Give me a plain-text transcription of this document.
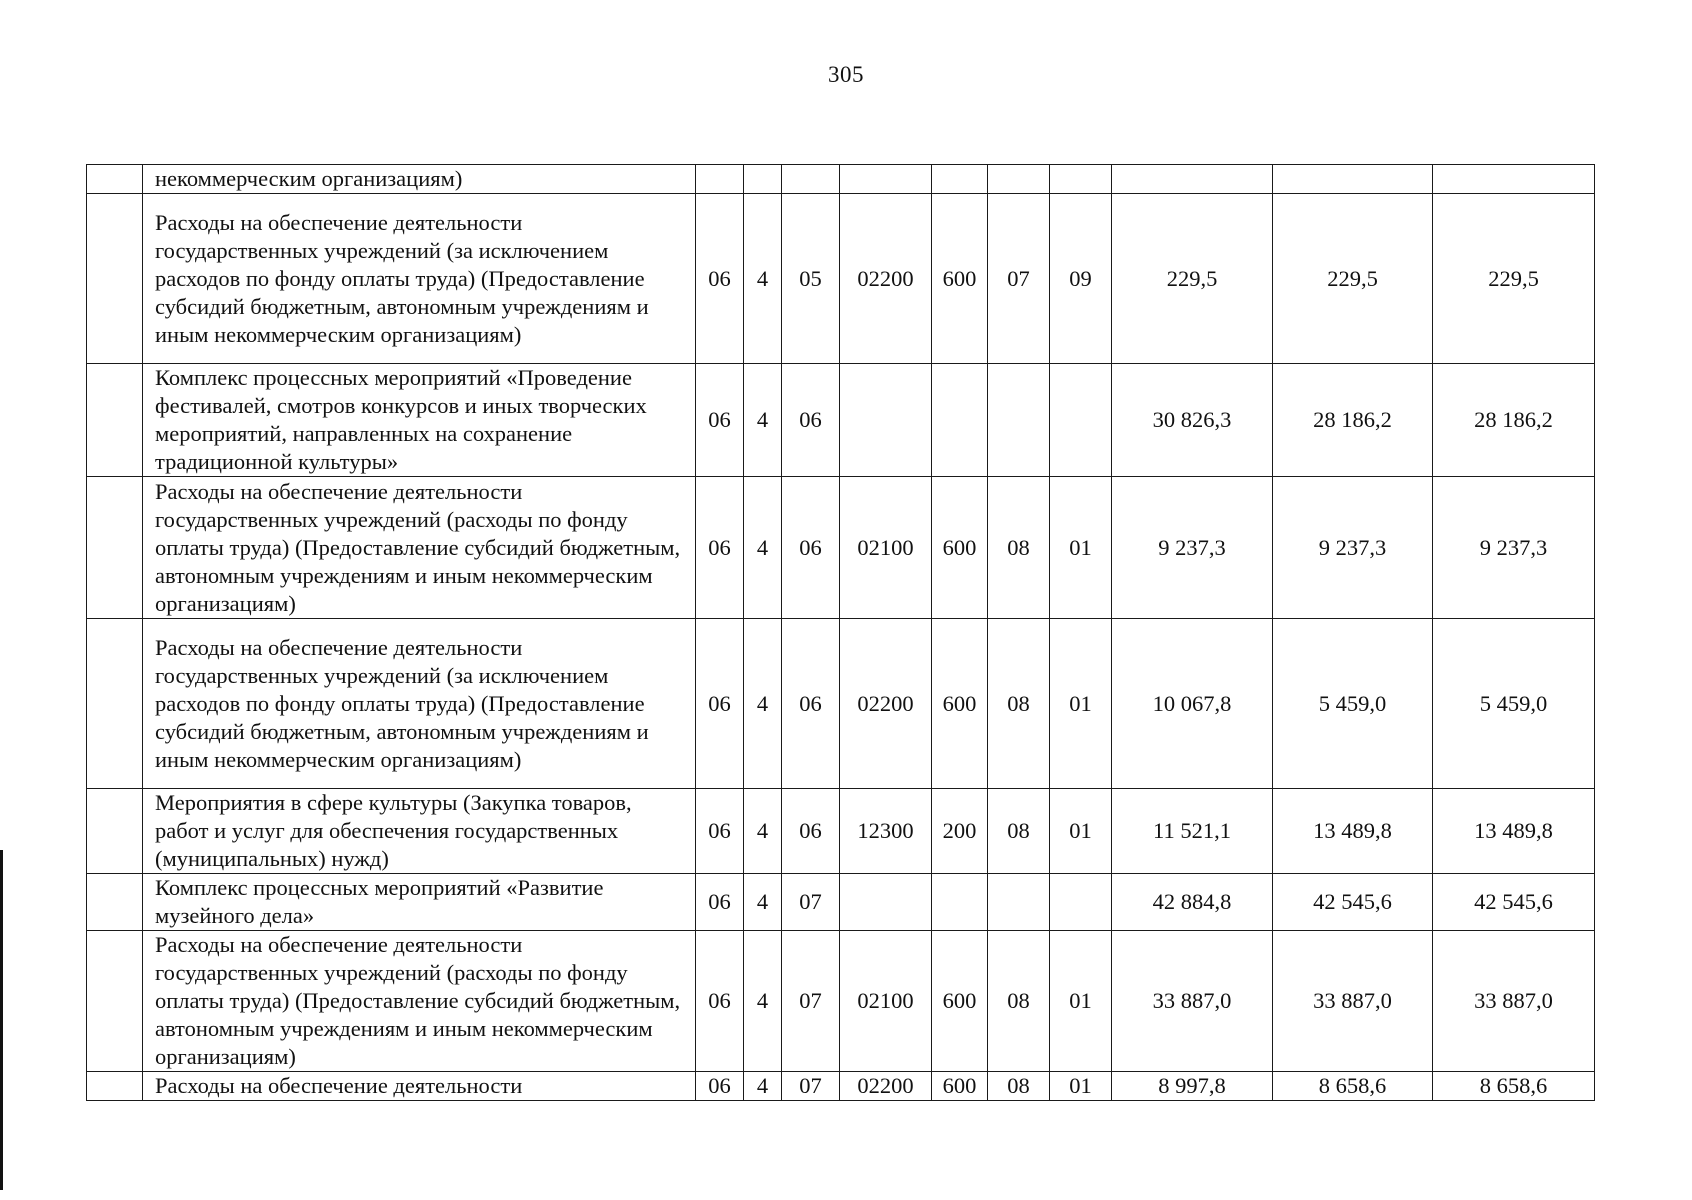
305
	некоммерческим организациям)										
	Расходы на обеспечение деятельности государственных учреждений (за исключением расходов по фонду оплаты труда) (Предоставление субсидий бюджетным, автономным учреждениям и иным некоммерческим организациям)	06	4	05	02200	600	07	09	229,5	229,5	229,5
	Комплекс процессных мероприятий «Проведение фестивалей, смотров конкурсов и иных творческих мероприятий, направленных на сохранение традиционной культуры»	06	4	06					30 826,3	28 186,2	28 186,2
	Расходы на обеспечение деятельности государственных учреждений (расходы по фонду оплаты труда) (Предоставление субсидий бюджетным, автономным учреждениям и иным некоммерческим организациям)	06	4	06	02100	600	08	01	9 237,3	9 237,3	9 237,3
	Расходы на обеспечение деятельности государственных учреждений (за исключением расходов по фонду оплаты труда) (Предоставление субсидий бюджетным, автономным учреждениям и иным некоммерческим организациям)	06	4	06	02200	600	08	01	10 067,8	5 459,0	5 459,0
	Мероприятия в сфере культуры (Закупка товаров, работ и услуг для обеспечения государственных (муниципальных) нужд)	06	4	06	12300	200	08	01	11 521,1	13 489,8	13 489,8
	Комплекс процессных мероприятий «Развитие музейного дела»	06	4	07					42 884,8	42 545,6	42 545,6
	Расходы на обеспечение деятельности государственных учреждений (расходы по фонду оплаты труда) (Предоставление субсидий бюджетным, автономным учреждениям и иным некоммерческим организациям)	06	4	07	02100	600	08	01	33 887,0	33 887,0	33 887,0
	Расходы на обеспечение деятельности	06	4	07	02200	600	08	01	8 997,8	8 658,6	8 658,6
